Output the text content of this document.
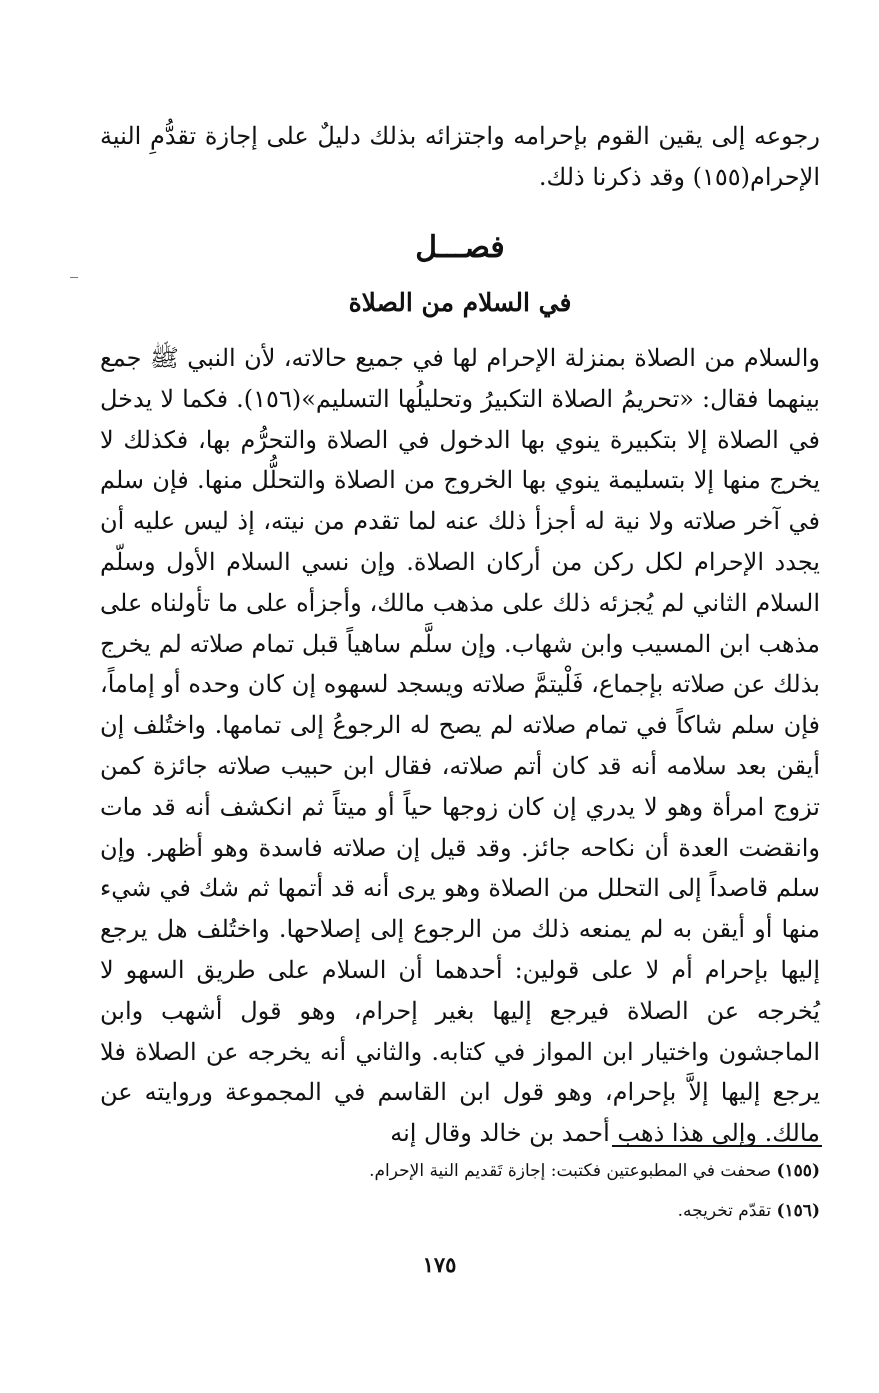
رجوعه إلى يقين القوم بإحرامه واجتزائه بذلك دليلٌ على إجازة تقدُّمِ النية الإحرام(١٥٥) وقد ذكرنا ذلك.

فصـــل
في السلام من الصلاة

والسلام من الصلاة بمنزلة الإحرام لها في جميع حالاته، لأن النبي ﷺ جمع بينهما فقال: «تحريمُ الصلاة التكبيرُ وتحليلُها التسليم»(١٥٦). فكما لا يدخل في الصلاة إلا بتكبيرة ينوي بها الدخول في الصلاة والتحرُّم بها، فكذلك لا يخرج منها إلا بتسليمة ينوي بها الخروج من الصلاة والتحلُّل منها. فإن سلم في آخر صلاته ولا نية له أجزأ ذلك عنه لما تقدم من نيته، إذ ليس عليه أن يجدد الإحرام لكل ركن من أركان الصلاة. وإن نسي السلام الأول وسلّم السلام الثاني لم يُجزئه ذلك على مذهب مالك، وأجزأه على ما تأولناه على مذهب ابن المسيب وابن شهاب. وإن سلَّم ساهياً قبل تمام صلاته لم يخرج بذلك عن صلاته بإجماع، فَلْيتمَّ صلاته ويسجد لسهوه إن كان وحده أو إماماً، فإن سلم شاكاً في تمام صلاته لم يصح له الرجوعُ إلى تمامها. واختُلف إن أيقن بعد سلامه أنه قد كان أتم صلاته، فقال ابن حبيب صلاته جائزة كمن تزوج امرأة وهو لا يدري إن كان زوجها حياً أو ميتاً ثم انكشف أنه قد مات وانقضت العدة أن نكاحه جائز. وقد قيل إن صلاته فاسدة وهو أظهر. وإن سلم قاصداً إلى التحلل من الصلاة وهو يرى أنه قد أتمها ثم شك في شيء منها أو أيقن به لم يمنعه ذلك من الرجوع إلى إصلاحها. واختُلف هل يرجع إليها بإحرام أم لا على قولين: أحدهما أن السلام على طريق السهو لا يُخرجه عن الصلاة فيرجع إليها بغير إحرام، وهو قول أشهب وابن الماجشون واختيار ابن المواز في كتابه. والثاني أنه يخرجه عن الصلاة فلا يرجع إليها إلاَّ بإحرام، وهو قول ابن القاسم في المجموعة وروايته عن مالك. وإلى هذا ذهب أحمد بن خالد وقال إنه

(١٥٥) صحفت في المطبوعتين فكتبت: إجازة تَقديم النية الإحرام.
(١٥٦) تقدّم تخريجه.
١٧٥
